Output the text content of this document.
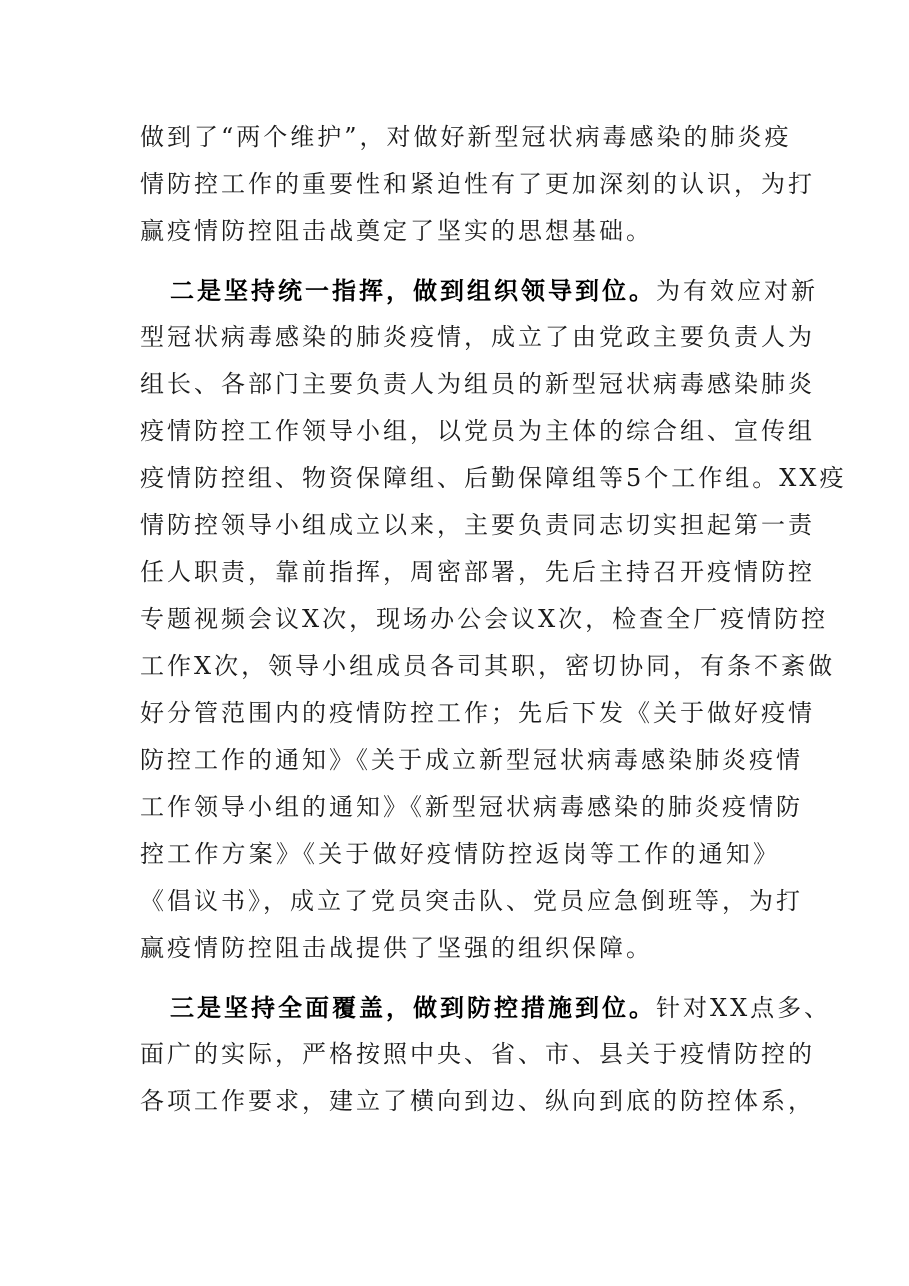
做到了“两个维护”，对做好新型冠状病毒感染的肺炎疫
情防控工作的重要性和紧迫性有了更加深刻的认识，为打
赢疫情防控阻击战奠定了坚实的思想基础。

二是坚持统一指挥，做到组织领导到位。为有效应对新
型冠状病毒感染的肺炎疫情，成立了由党政主要负责人为
组长、各部门主要负责人为组员的新型冠状病毒感染肺炎
疫情防控工作领导小组，以党员为主体的综合组、宣传组
疫情防控组、物资保障组、后勤保障组等5个工作组。XX疫
情防控领导小组成立以来，主要负责同志切实担起第一责
任人职责，靠前指挥，周密部署，先后主持召开疫情防控
专题视频会议X次，现场办公会议X次，检查全厂疫情防控
工作X次，领导小组成员各司其职，密切协同，有条不紊做
好分管范围内的疫情防控工作；先后下发《关于做好疫情
防控工作的通知》《关于成立新型冠状病毒感染肺炎疫情
工作领导小组的通知》《新型冠状病毒感染的肺炎疫情防
控工作方案》《关于做好疫情防控返岗等工作的通知》
《倡议书》，成立了党员突击队、党员应急倒班等，为打
赢疫情防控阻击战提供了坚强的组织保障。

三是坚持全面覆盖，做到防控措施到位。针对XX点多、
面广的实际，严格按照中央、省、市、县关于疫情防控的
各项工作要求，建立了横向到边、纵向到底的防控体系，
